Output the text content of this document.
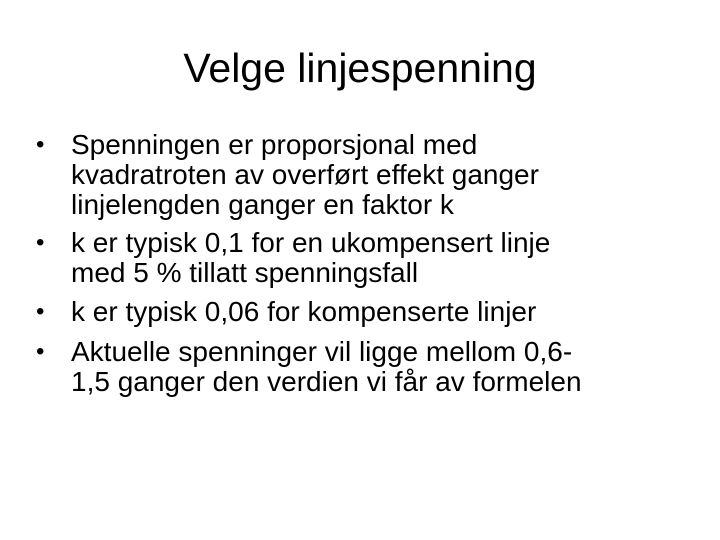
Velge linjespenning
• Spenningen er proporsjonal med
kvadratroten av overført effekt ganger
linjelengden ganger en faktor k
• k er typisk 0,1 for en ukompensert linje
med 5 % tillatt spenningsfall
• k er typisk 0,06 for kompenserte linjer
• Aktuelle spenninger vil ligge mellom 0,6-
1,5 ganger den verdien vi får av formelen
